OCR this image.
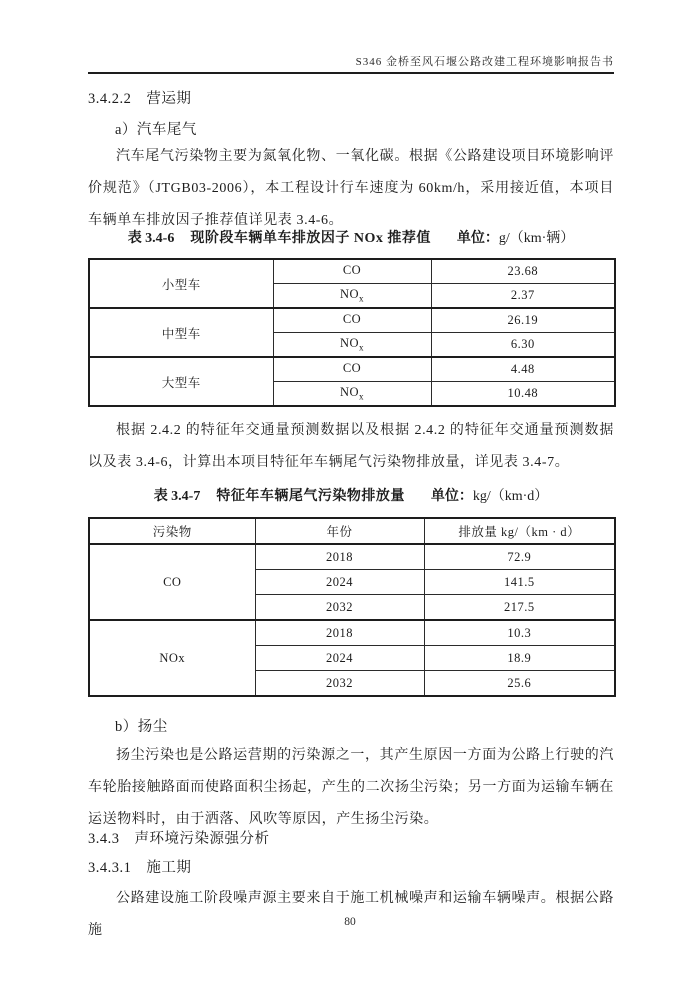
S346 金桥至风石堰公路改建工程环境影响报告书
3.4.2.2　营运期
a）汽车尾气
汽车尾气污染物主要为氮氧化物、一氧化碳。根据《公路建设项目环境影响评价规范》（JTGB03-2006），本工程设计行车速度为 60km/h，采用接近值，本项目车辆单车排放因子推荐值详见表 3.4-6。
表 3.4-6 现阶段车辆单车排放因子 NOx 推荐值 单位：g/（km·辆）
小型车	CO	23.68
	$NO_x$	2.37
中型车	CO	26.19
	$NO_x$	6.30
大型车	CO	4.48
	$NO_x$	10.48
根据 2.4.2 的特征年交通量预测数据以及根据 2.4.2 的特征年交通量预测数据以及表 3.4-6，计算出本项目特征年车辆尾气污染物排放量，详见表 3.4-7。
表 3.4-7 特征年车辆尾气污染物排放量 单位：kg/（km·d）
污染物	年份	排放量 kg/（km · d）
CO	2018	72.9
	2024	141.5
	2032	217.5
NOx	2018	10.3
	2024	18.9
	2032	25.6
b）扬尘
扬尘污染也是公路运营期的污染源之一，其产生原因一方面为公路上行驶的汽车轮胎接触路面而使路面积尘扬起，产生的二次扬尘污染；另一方面为运输车辆在运送物料时，由于洒落、风吹等原因，产生扬尘污染。
3.4.3　声环境污染源强分析
3.4.3.1　施工期
公路建设施工阶段噪声源主要来自于施工机械噪声和运输车辆噪声。根据公路施
80
